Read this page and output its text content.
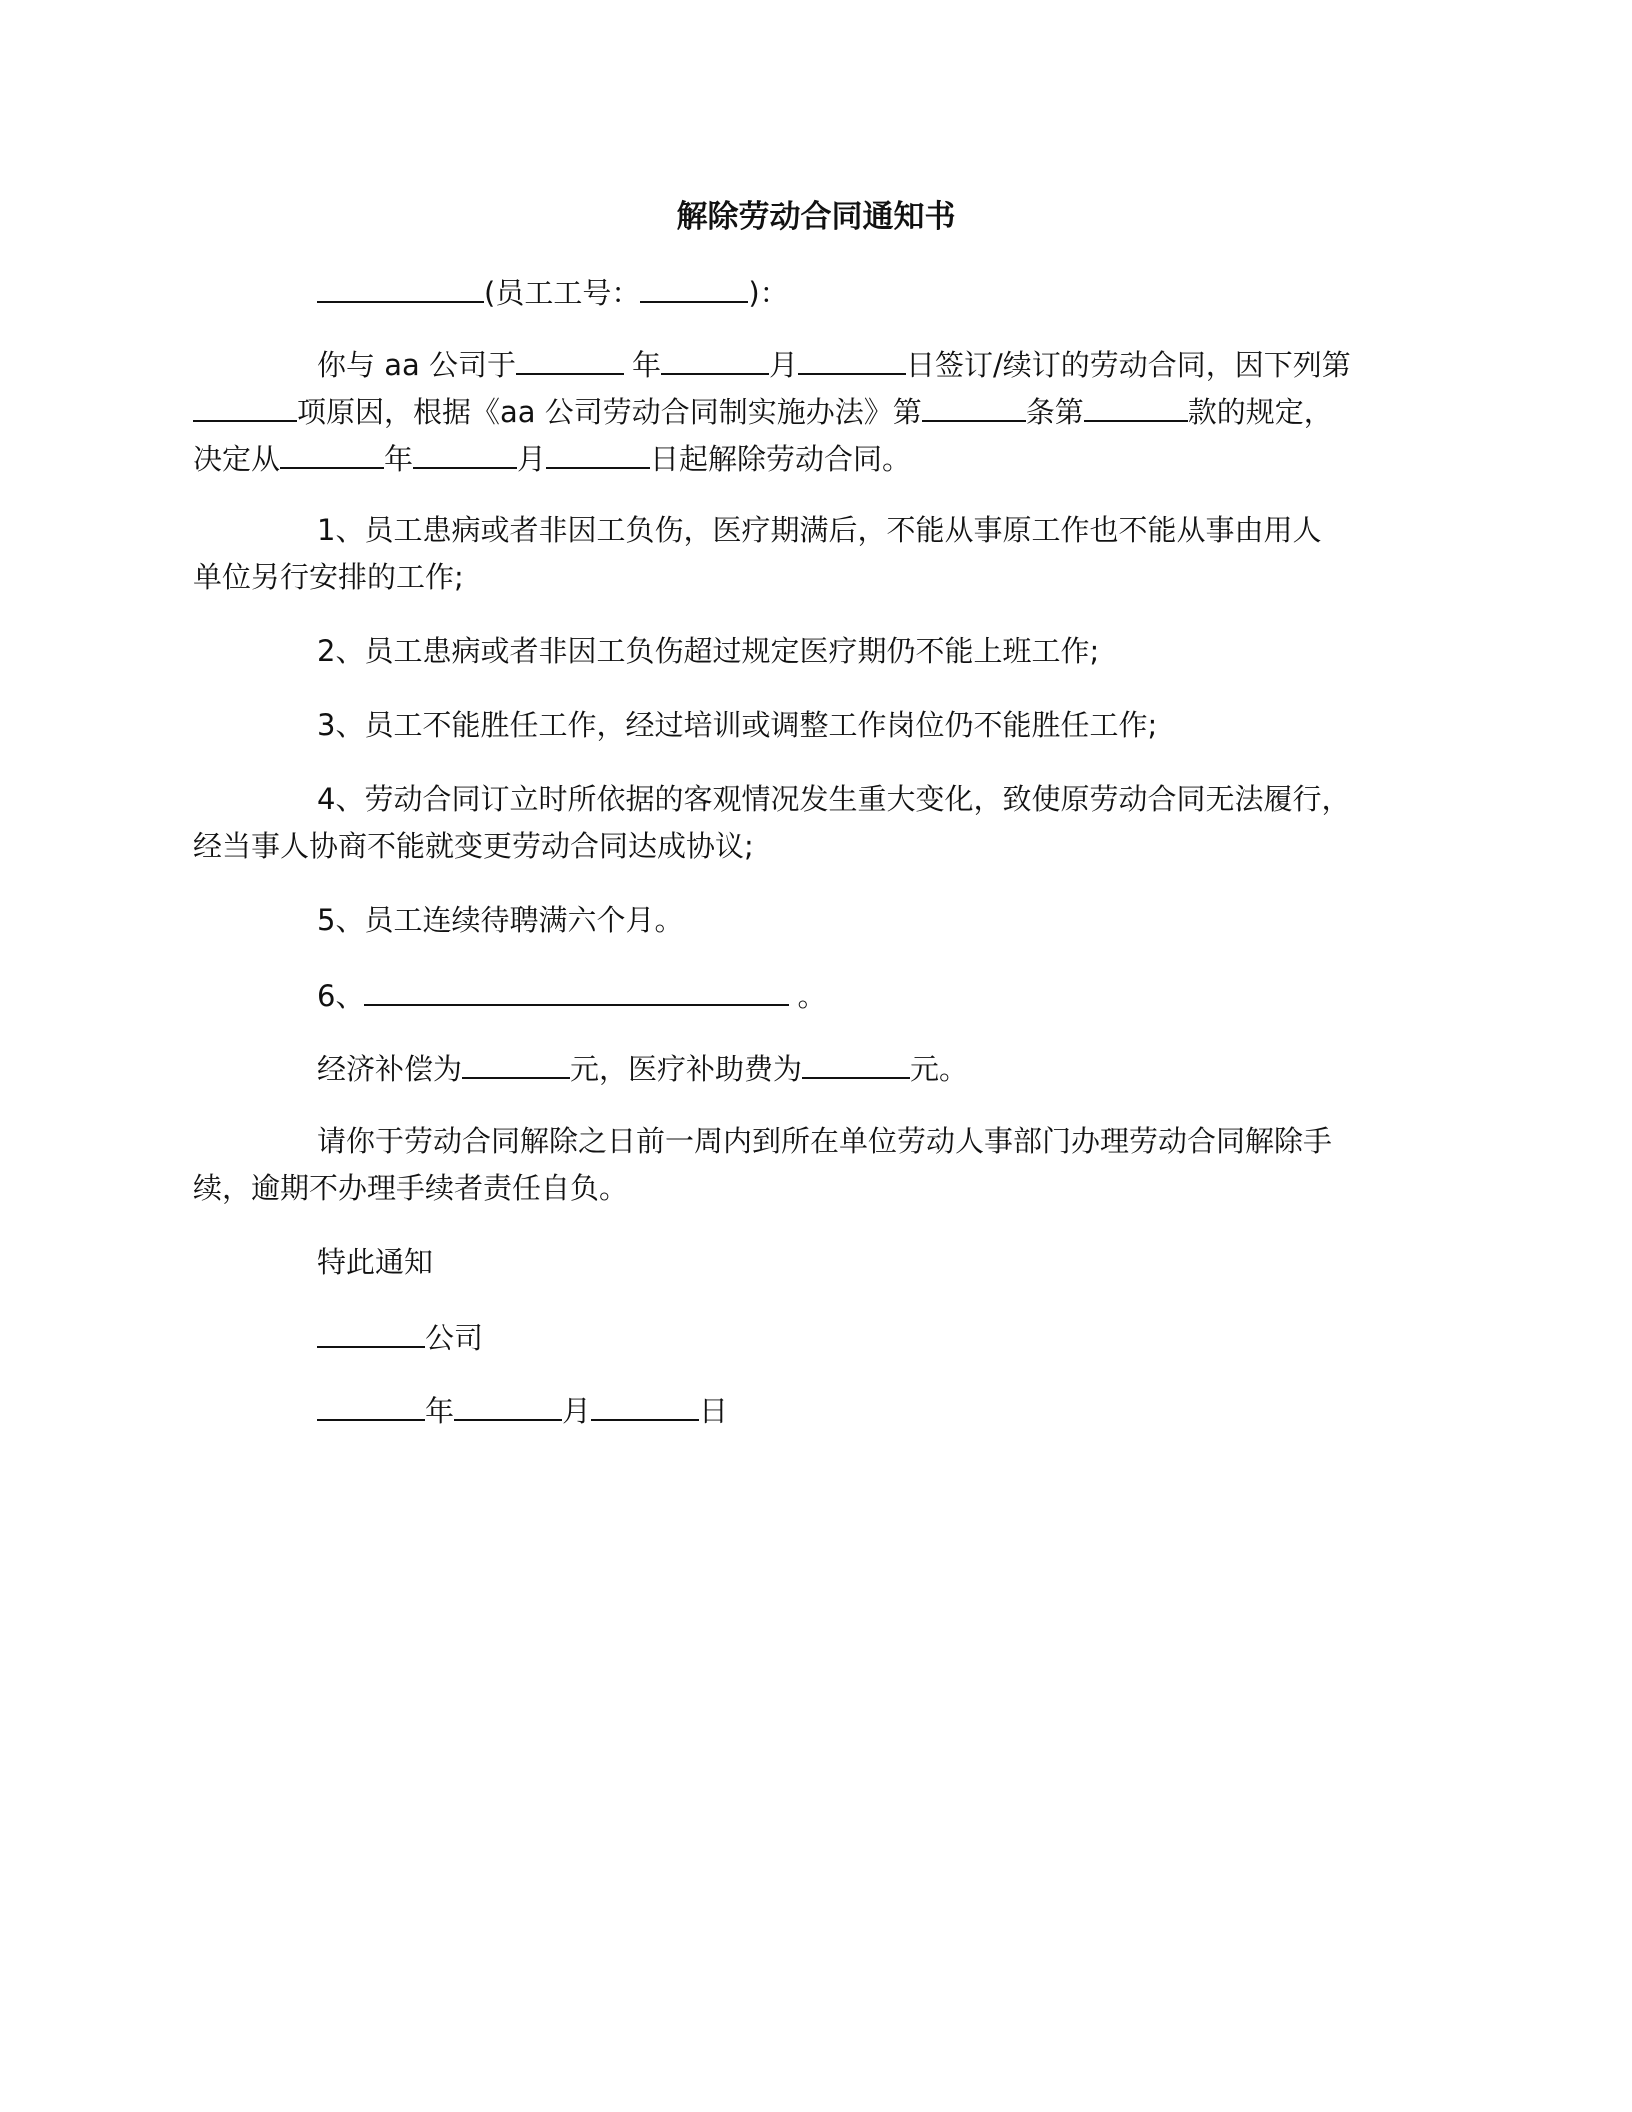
解除劳动合同通知书
(员工工号：	)：
你与 aa 公司于	年	月	日签订/续订的劳动合同，因下列第
项原因，根据《aa 公司劳动合同制实施办法》第	条第	款的规定，
决定从	年	月	日起解除劳动合同。
1、员工患病或者非因工负伤，医疗期满后，不能从事原工作也不能从事由用人
单位另行安排的工作;
2、员工患病或者非因工负伤超过规定医疗期仍不能上班工作;
3、员工不能胜任工作，经过培训或调整工作岗位仍不能胜任工作;
4、劳动合同订立时所依据的客观情况发生重大变化，致使原劳动合同无法履行，
经当事人协商不能就变更劳动合同达成协议;
5、员工连续待聘满六个月。
6、	。
经济补偿为	元，医疗补助费为	元。
请你于劳动合同解除之日前一周内到所在单位劳动人事部门办理劳动合同解除手
续，逾期不办理手续者责任自负。
特此通知
公司
年	月	日
